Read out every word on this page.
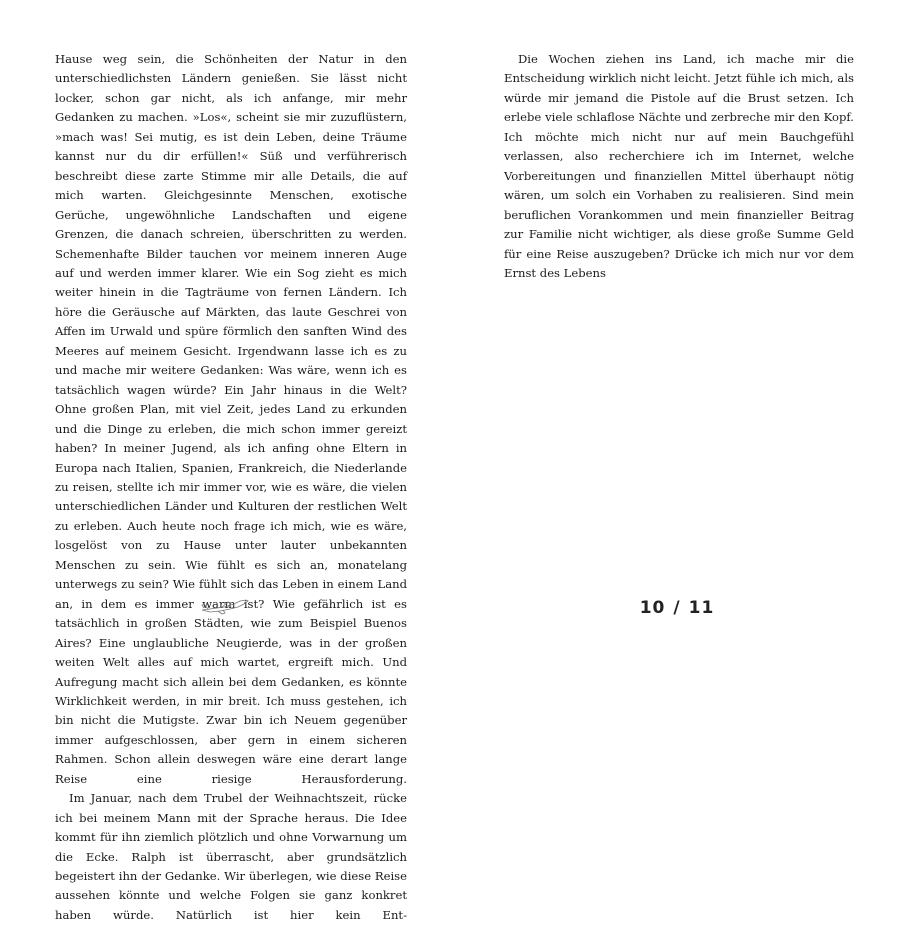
Hause weg sein, die Schönheiten der Natur in den unterschiedlichsten Ländern genießen. Sie lässt nicht locker, schon gar nicht, als ich anfange, mir mehr Gedanken zu machen. »Los«, scheint sie mir zuzuflüstern, »mach was! Sei mutig, es ist dein Leben, deine Träume kannst nur du dir erfüllen!« Süß und verführerisch beschreibt diese zarte Stimme mir alle Details, die auf mich warten. Gleichgesinnte Menschen, exotische Gerüche, ungewöhnliche Landschaften und eigene Grenzen, die danach schreien, überschritten zu werden. Schemenhafte Bilder tauchen vor meinem inneren Auge auf und werden immer klarer. Wie ein Sog zieht es mich weiter hinein in die Tagträume von fernen Ländern. Ich höre die Geräusche auf Märkten, das laute Geschrei von Affen im Urwald und spüre förmlich den sanften Wind des Meeres auf meinem Gesicht. Irgendwann lasse ich es zu und mache mir weitere Gedanken: Was wäre, wenn ich es tatsächlich wagen würde? Ein Jahr hinaus in die Welt? Ohne großen Plan, mit viel Zeit, jedes Land zu erkunden und die Dinge zu erleben, die mich schon immer gereizt haben? In meiner Jugend, als ich anfing ohne Eltern in Europa nach Italien, Spanien, Frankreich, die Niederlande zu reisen, stellte ich mir immer vor, wie es wäre, die vielen unterschiedlichen Länder und Kulturen der restlichen Welt zu erleben. Auch heute noch frage ich mich, wie es wäre, losgelöst von zu Hause unter lauter unbekannten Menschen zu sein. Wie fühlt es sich an, monatelang unterwegs zu sein? Wie fühlt sich das Leben in einem Land an, in dem es immer warm ist? Wie gefährlich ist es tatsächlich in großen Städten, wie zum Beispiel Buenos Aires? Eine unglaubliche Neugierde, was in der großen weiten Welt alles auf mich wartet, ergreift mich. Und Aufregung macht sich allein bei dem Gedanken, es könnte Wirklichkeit werden, in mir breit. Ich muss gestehen, ich bin nicht die Mutigste. Zwar bin ich Neuem gegenüber immer aufgeschlossen, aber gern in einem sicheren Rahmen. Schon allein deswegen wäre eine derart lange Reise eine riesige Herausforderung.

Im Januar, nach dem Trubel der Weihnachtszeit, rücke ich bei meinem Mann mit der Sprache heraus. Die Idee kommt für ihn ziemlich plötzlich und ohne Vorwarnung um die Ecke. Ralph ist überrascht, aber grundsätzlich begeistert ihn der Gedanke. Wir überlegen, wie diese Reise aussehen könnte und welche Folgen sie ganz konkret haben würde. Natürlich ist hier kein Ent-

Die Wochen ziehen ins Land, ich mache mir die Entscheidung wirklich nicht leicht. Jetzt fühle ich mich, als würde mir jemand die Pistole auf die Brust setzen. Ich erlebe viele schlaflose Nächte und zerbreche mir den Kopf. Ich möchte mich nicht nur auf mein Bauchgefühl verlassen, also recherchiere ich im Internet, welche Vorbereitungen und finanziellen Mittel überhaupt nötig wären, um solch ein Vorhaben zu realisieren. Sind mein beruflichen Vorankommen und mein finanzieller Beitrag zur Familie nicht wichtiger, als diese große Summe Geld für eine Reise auszugeben? Drücke ich mich nur vor dem Ernst des Lebens

10 / 11
